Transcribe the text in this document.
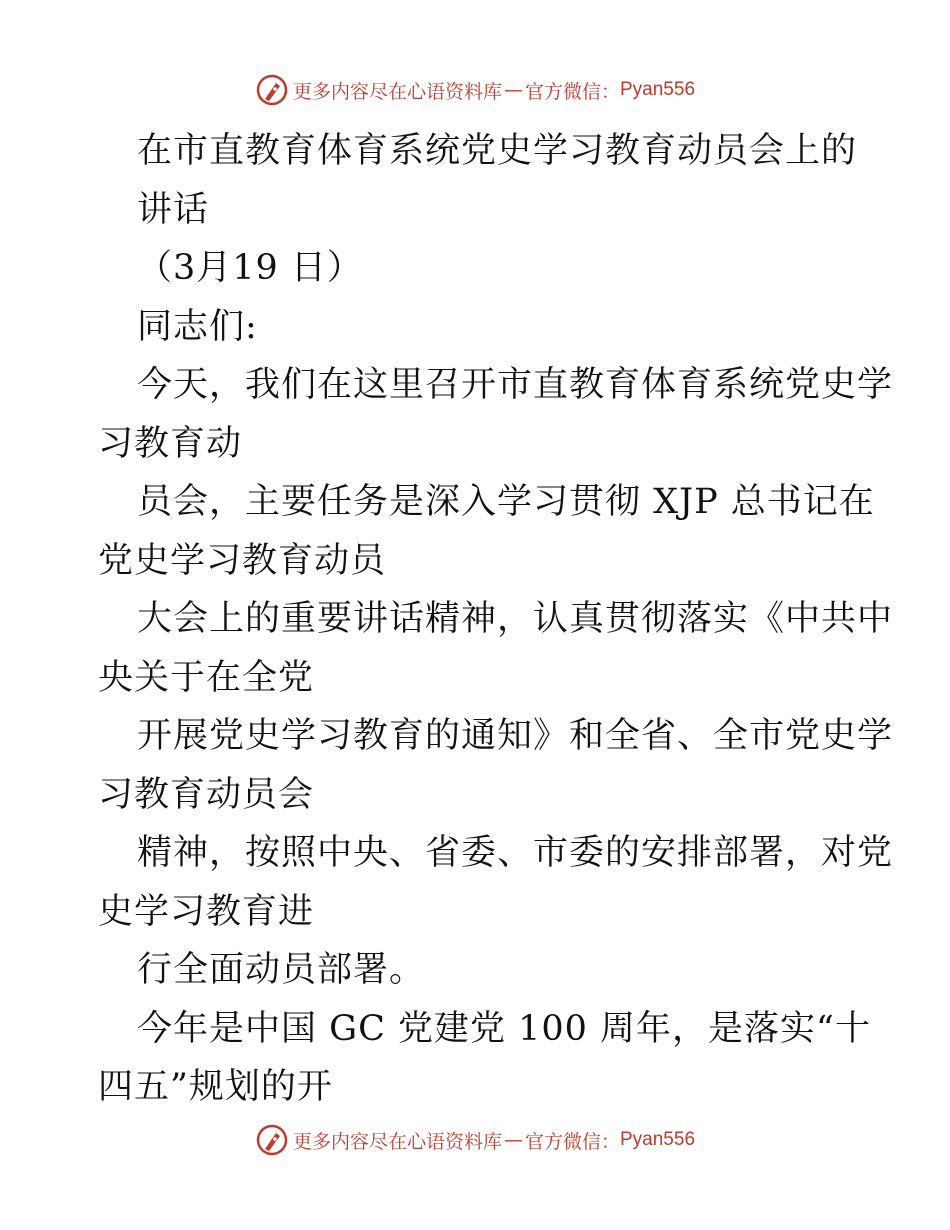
更多内容尽在心语资料库 — 官方微信： Pyan556
在市直教育体育系统党史学习教育动员会上的
讲话
（3月19 日）
同志们:
今天，我们在这里召开市直教育体育系统党史学
习教育动
员会，主要任务是深入学习贯彻 XJP 总书记在
党史学习教育动员
大会上的重要讲话精神，认真贯彻落实《中共中
央关于在全党
开展党史学习教育的通知》和全省、全市党史学
习教育动员会
精神，按照中央、省委、市委的安排部署，对党
史学习教育进
行全面动员部署。
今年是中国 GC 党建党 100 周年，是落实“十
四五”规划的开
更多内容尽在心语资料库 — 官方微信： Pyan556
